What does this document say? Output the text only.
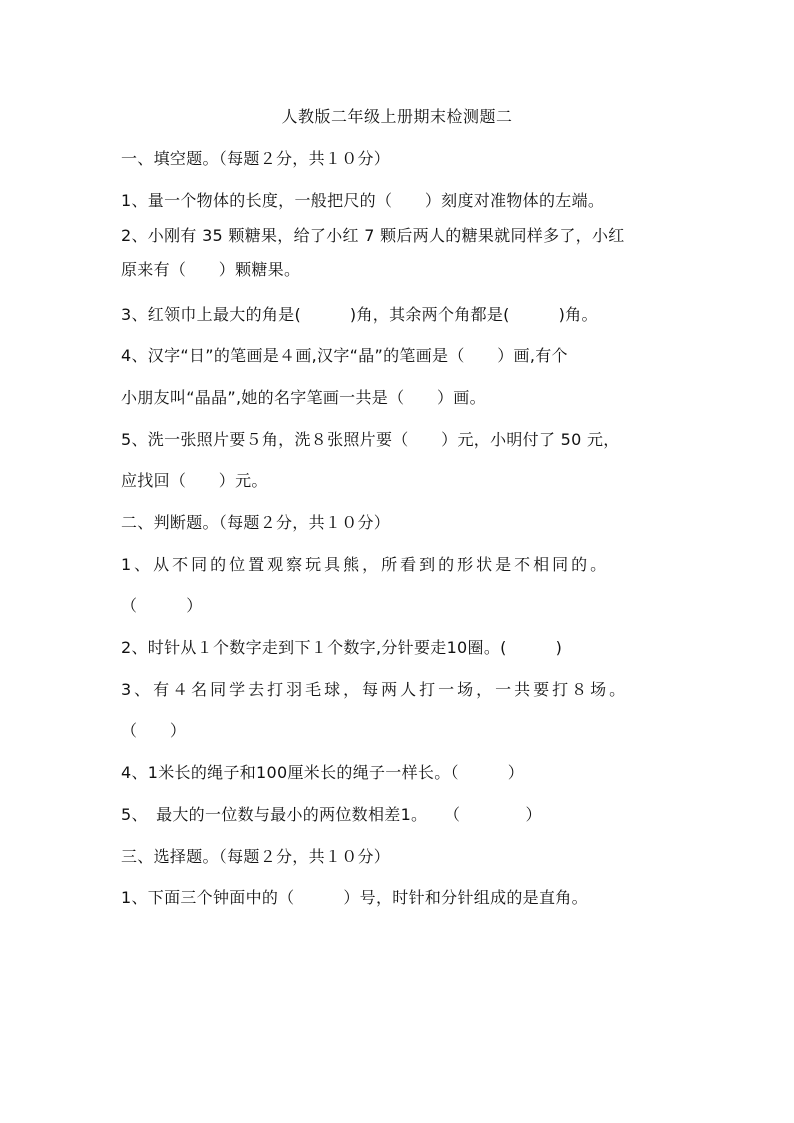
人教版二年级上册期末检测题二
一、填空题。（每题２分，共１０分）
1、量一个物体的长度，一般把尺的（　　）刻度对准物体的左端。
2、小刚有 35 颗糖果，给了小红 7 颗后两人的糖果就同样多了，小红
原来有（　　）颗糖果。
3、红领巾上最大的角是(　　　)角，其余两个角都是(　　　)角。
4、汉字“日”的笔画是４画,汉字“晶”的笔画是（　　）画,有个
小朋友叫“晶晶”,她的名字笔画一共是（　　）画。
5、洗一张照片要５角，洗８张照片要（　　）元，小明付了 50 元，
应找回（　　）元。
二、判断题。（每题２分，共１０分）
1、从不同的位置观察玩具熊，所看到的形状是不相同的。
（　　　）
2、时针从１个数字走到下１个数字,分针要走10圈。(　　　)
3、有４名同学去打羽毛球，每两人打一场，一共要打８场。
（　　）
4、1米长的绳子和100厘米长的绳子一样长。（　　　）
5、　最大的一位数与最小的两位数相差1。　　（　　　　）
三、选择题。（每题２分，共１０分）
1、下面三个钟面中的（　　　）号，时针和分针组成的是直角。
